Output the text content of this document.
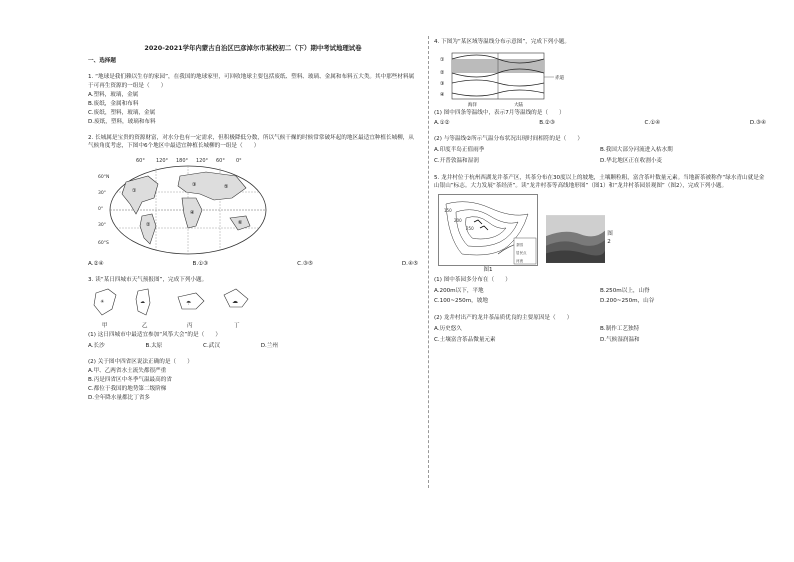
2020-2021学年内蒙古自治区巴彦淖尔市某校初二（下）期中考试地理试卷
一、选择题
1. “地球是我们赖以生存的家园”，在我国的地球家里，可回收地球主要包括废纸、塑料、玻璃、金属和布料五大类。其中那些材料属于可再生资源的一组是（　　）
A.塑料，玻璃，金属
B.废纸，金属和布料
C.废纸，塑料，玻璃，金属
D.废纸，塑料，玻璃和布料
2. 长城属是宝贵的资源财富，对水分也有一定需求，但积极降低分数，所以气候干燥的时候常常破坏起的地区最适宜种植长城柳，从气候角度考虑，下图中6个地区中最适宜种植长城柳的一组是（　　）
60° 120° 180° 120° 60° 0°
60°N
30°
0°
30°
60°S
①
②
③
④
⑤
⑥
A.②④	B.①③	C.③⑤	D.④⑤
3. 读“某日四城市天气预报图”，完成下列小题。
☀	☁	☂	☁
甲	乙	丙	丁
(1) 这日四城市中最适宜参加“风筝大会”的是（　　）
A.长沙	B.太原	C.武汉	D.兰州
(2) 关于图中四省区说法正确的是（　　）
A.甲、乙两省水土流失都很严重
B.丙是四省区中冬季气温最高的省
C.都位于我国的地势第二级阶梯
D.全年降水量都比丁省多
4. 下图为“某区域等温线分布示意图”，完成下列小题。
①
②
③
④
赤道
海洋	大陆
(1) 图中四条等温线中，表示7月等温线的是（　　）
A.①②	B.②③	C.①④	D.③④
(2) 与等温线②所示气温分布状况出现时间相符的是（　　）
A.印度半岛正值雨季	B.我国大部分河流进入枯水期
C.开普敦温和湿润	D.华北地区正在收割小麦
5. 龙井村位于杭州西湖龙井茶产区，其茶分布在30度以上的坡地，土壤颗粒粗，富含茶叶数量元素。当地新茶被称作“绿水青山就是金山银山”标志。大力发展“茶经济”。读“龙井村茶等高线地形图”（图1）和“龙井村茶园景观图”（图2），完成下列小题。
150
200
250
茶园
居民点
河流
图1
图2
(1) 图中茶园多分布在（　　）
A.200m以下，平地	B.250m以上，山脊
C.100~250m，坡地	D.200~250m，山谷
(2) 龙井村出产的龙井茶品质优良的主要原因是（　　）
A.历史悠久	B.制作工艺独特
C.土壤富含茶品微量元素	D.气候湿润温和
